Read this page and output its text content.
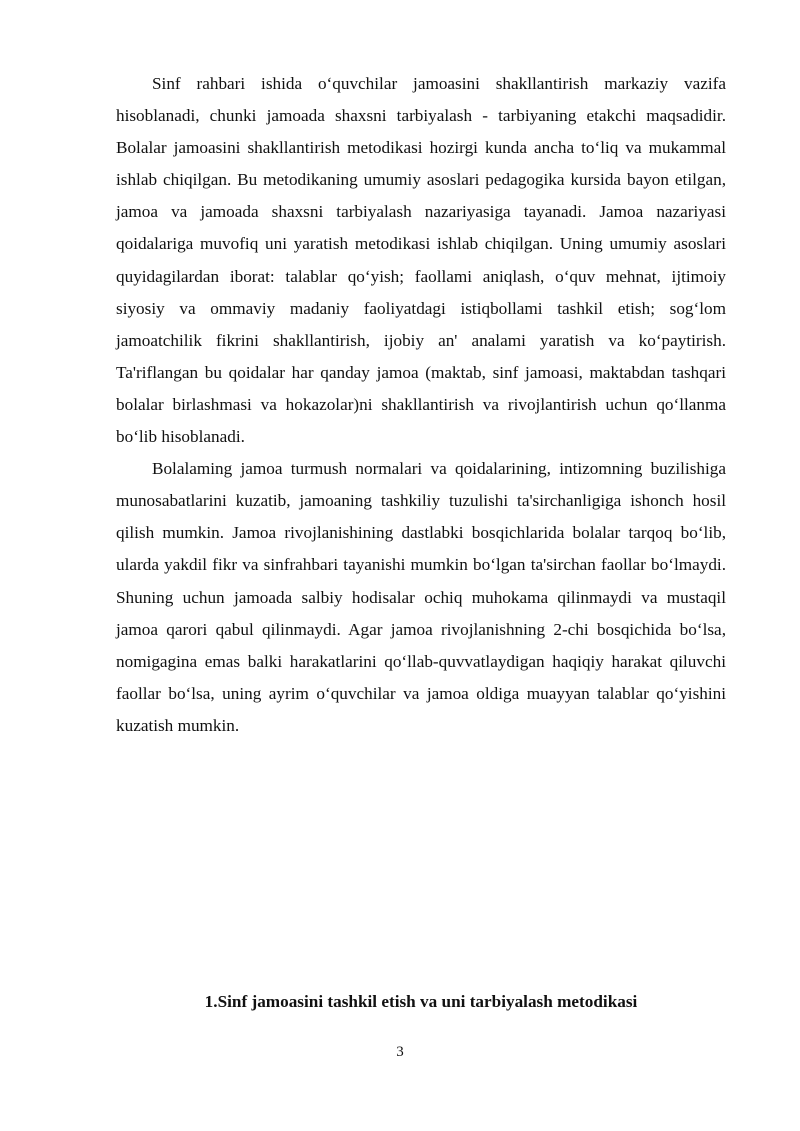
Sinf rahbari ishida o‘quvchilar jamoasini shakllantirish markaziy vazifa hisoblanadi, chunki jamoada shaxsni tarbiyalash - tarbiyaning etakchi maqsadidir. Bolalar jamoasini shakllantirish metodikasi hozirgi kunda ancha to‘liq va mukammal ishlab chiqilgan. Bu metodikaning umumiy asoslari pedagogika kursida bayon etilgan, jamoa va jamoada shaxsni tarbiyalash nazariyasiga tayanadi. Jamoa nazariyasi qoidalariga muvofiq uni yaratish metodikasi ishlab chiqilgan. Uning umumiy asoslari quyidagilardan iborat: talablar qo‘yish; faollami aniqlash, o‘quv mehnat, ijtimoiy siyosiy va ommaviy madaniy faoliyatdagi istiqbollami tashkil etish; sog‘lom jamoatchilik fikrini shakllantirish, ijobiy an' analami yaratish va ko‘paytirish. Ta'riflangan bu qoidalar har qanday jamoa (maktab, sinf jamoasi, maktabdan tashqari bolalar birlashmasi va hokazolar)ni shakllantirish va rivojlantirish uchun qo‘llanma bo‘lib hisoblanadi.

Bolalaming jamoa turmush normalari va qoidalarining, intizomning buzilishiga munosabatlarini kuzatib, jamoaning tashkiliy tuzulishi ta'sirchanligiga ishonch hosil qilish mumkin. Jamoa rivojlanishining dastlabki bosqichlarida bolalar tarqoq bo‘lib, ularda yakdil fikr va sinfrahbari tayanishi mumkin bo‘lgan ta'sirchan faollar bo‘lmaydi. Shuning uchun jamoada salbiy hodisalar ochiq muhokama qilinmaydi va mustaqil jamoa qarori qabul qilinmaydi. Agar jamoa rivojlanishning 2-chi bosqichida bo‘lsa, nomigagina emas balki harakatlarini qo‘llab-quvvatlaydigan haqiqiy harakat qiluvchi faollar bo‘lsa, uning ayrim o‘quvchilar va jamoa oldiga muayyan talablar qo‘yishini kuzatish mumkin.

1.Sinf jamoasini tashkil etish va uni tarbiyalash metodikasi
3
